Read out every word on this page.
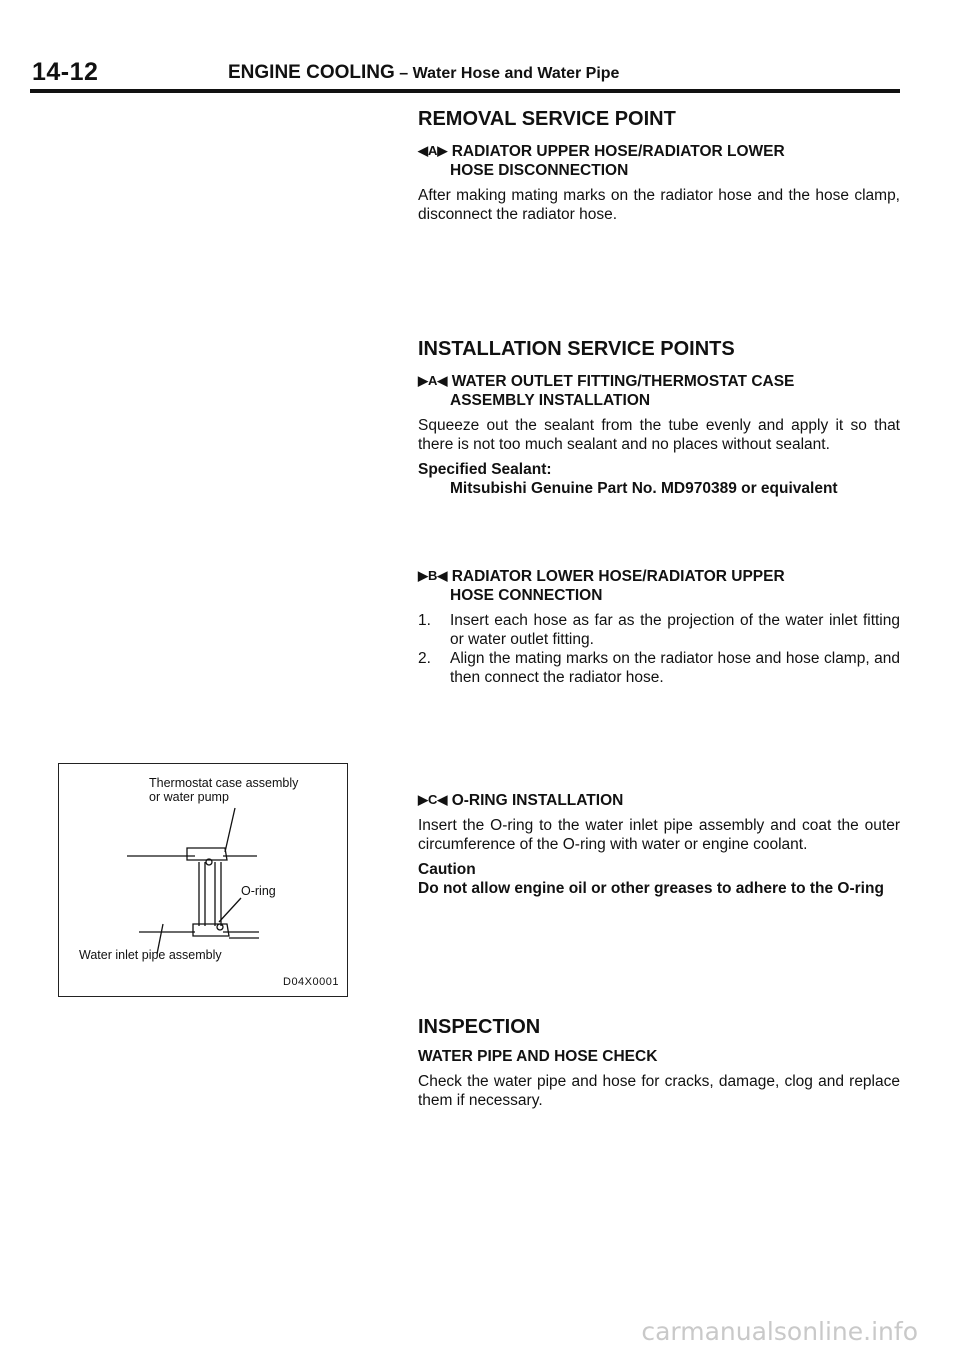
14-12	ENGINE COOLING – Water Hose and Water Pipe
REMOVAL SERVICE POINT
◀A▶ RADIATOR UPPER HOSE/RADIATOR LOWER
HOSE DISCONNECTION
After making mating marks on the radiator hose and the hose clamp, disconnect the radiator hose.
INSTALLATION SERVICE POINTS
▶A◀ WATER OUTLET FITTING/THERMOSTAT CASE
ASSEMBLY INSTALLATION
Squeeze out the sealant from the tube evenly and apply it so that there is not too much sealant and no places without sealant.
Specified Sealant:
Mitsubishi Genuine Part No. MD970389 or equivalent
▶B◀ RADIATOR LOWER HOSE/RADIATOR UPPER
HOSE CONNECTION
1. Insert each hose as far as the projection of the water inlet fitting or water outlet fitting.
2. Align the mating marks on the radiator hose and hose clamp, and then connect the radiator hose.
▶C◀ O-RING INSTALLATION
Insert the O-ring to the water inlet pipe assembly and coat the outer circumference of the O-ring with water or engine coolant.
Caution
Do not allow engine oil or other greases to adhere to the O-ring
INSPECTION
WATER PIPE AND HOSE CHECK
Check the water pipe and hose for cracks, damage, clog and replace them if necessary.
Thermostat case assembly
or water pump
O-ring
Water inlet pipe assembly
D04X0001
carmanualsonline.info
